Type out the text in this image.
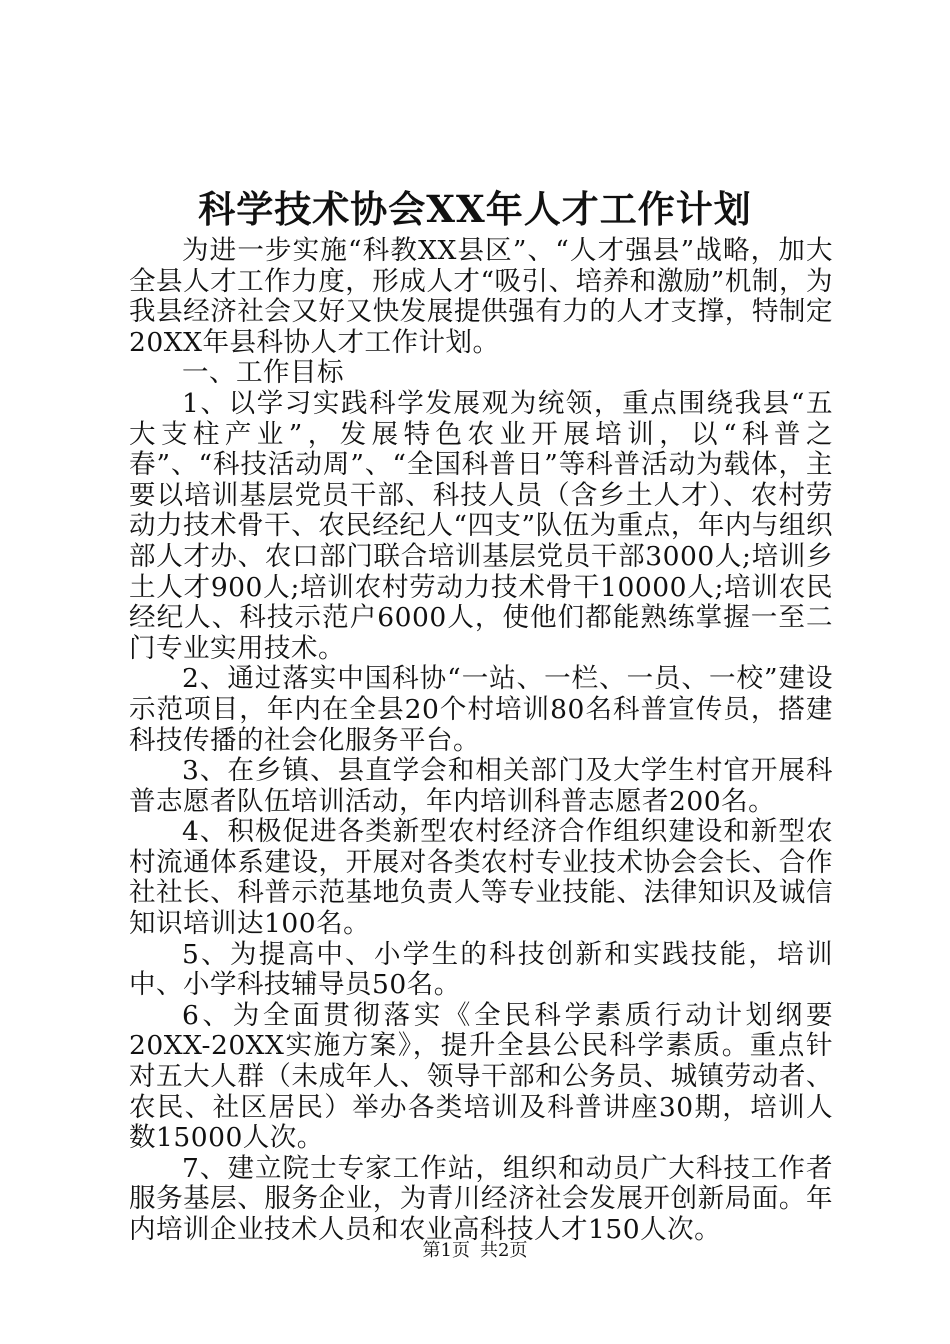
科学技术协会XX年人才工作计划

为进一步实施“科教XX县区”、“人才强县”战略，加大全县人才工作力度，形成人才“吸引、培养和激励”机制，为我县经济社会又好又快发展提供强有力的人才支撑，特制定20XX年县科协人才工作计划。

一、工作目标

1、以学习实践科学发展观为统领，重点围绕我县“五大支柱产业”，发展特色农业开展培训，以“科普之春”、“科技活动周”、“全国科普日”等科普活动为载体，主要以培训基层党员干部、科技人员（含乡土人才）、农村劳动力技术骨干、农民经纪人“四支”队伍为重点，年内与组织部人才办、农口部门联合培训基层党员干部3000人;培训乡土人才900人;培训农村劳动力技术骨干10000人;培训农民经纪人、科技示范户6000人，使他们都能熟练掌握一至二门专业实用技术。

2、通过落实中国科协“一站、一栏、一员、一校”建设示范项目，年内在全县20个村培训80名科普宣传员，搭建科技传播的社会化服务平台。

3、在乡镇、县直学会和相关部门及大学生村官开展科普志愿者队伍培训活动，年内培训科普志愿者200名。

4、积极促进各类新型农村经济合作组织建设和新型农村流通体系建设，开展对各类农村专业技术协会会长、合作社社长、科普示范基地负责人等专业技能、法律知识及诚信知识培训达100名。

5、为提高中、小学生的科技创新和实践技能，培训中、小学科技辅导员50名。

6、为全面贯彻落实《全民科学素质行动计划纲要20XX-20XX实施方案》，提升全县公民科学素质。重点针对五大人群（未成年人、领导干部和公务员、城镇劳动者、农民、社区居民）举办各类培训及科普讲座30期，培训人数15000人次。

7、建立院士专家工作站，组织和动员广大科技工作者服务基层、服务企业，为青川经济社会发展开创新局面。年内培训企业技术人员和农业高科技人才150人次。

第1页 共2页
